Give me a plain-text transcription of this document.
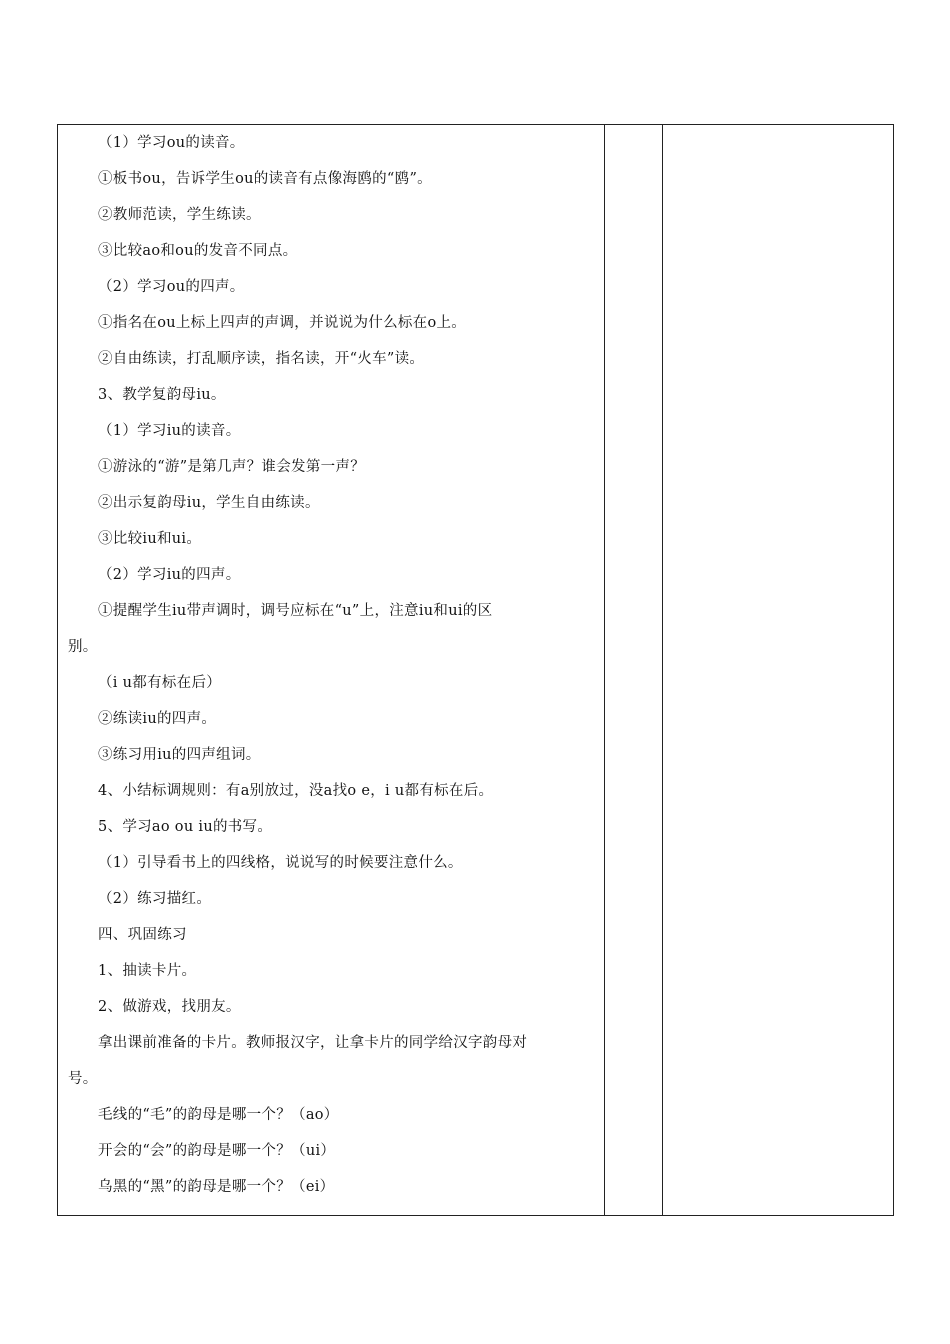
（1）学习ou的读音。
①板书ou，告诉学生ou的读音有点像海鸥的“鸥”。
②教师范读，学生练读。
③比较ao和ou的发音不同点。
（2）学习ou的四声。
①指名在ou上标上四声的声调，并说说为什么标在o上。
②自由练读，打乱顺序读，指名读，开“火车”读。
3、教学复韵母iu。
（1）学习iu的读音。
①游泳的“游”是第几声？谁会发第一声？
②出示复韵母iu，学生自由练读。
③比较iu和ui。
（2）学习iu的四声。
①提醒学生iu带声调时，调号应标在“u”上，注意iu和ui的区
别。
（i u都有标在后）
②练读iu的四声。
③练习用iu的四声组词。
4、小结标调规则：有a别放过，没a找o e，i u都有标在后。
5、学习ao ou iu的书写。
（1）引导看书上的四线格，说说写的时候要注意什么。
（2）练习描红。
四、巩固练习
1、抽读卡片。
2、做游戏，找朋友。
拿出课前准备的卡片。教师报汉字，让拿卡片的同学给汉字韵母对
号。
毛线的“毛”的韵母是哪一个？（ao）
开会的“会”的韵母是哪一个？（ui）
乌黑的“黑”的韵母是哪一个？（ei）
